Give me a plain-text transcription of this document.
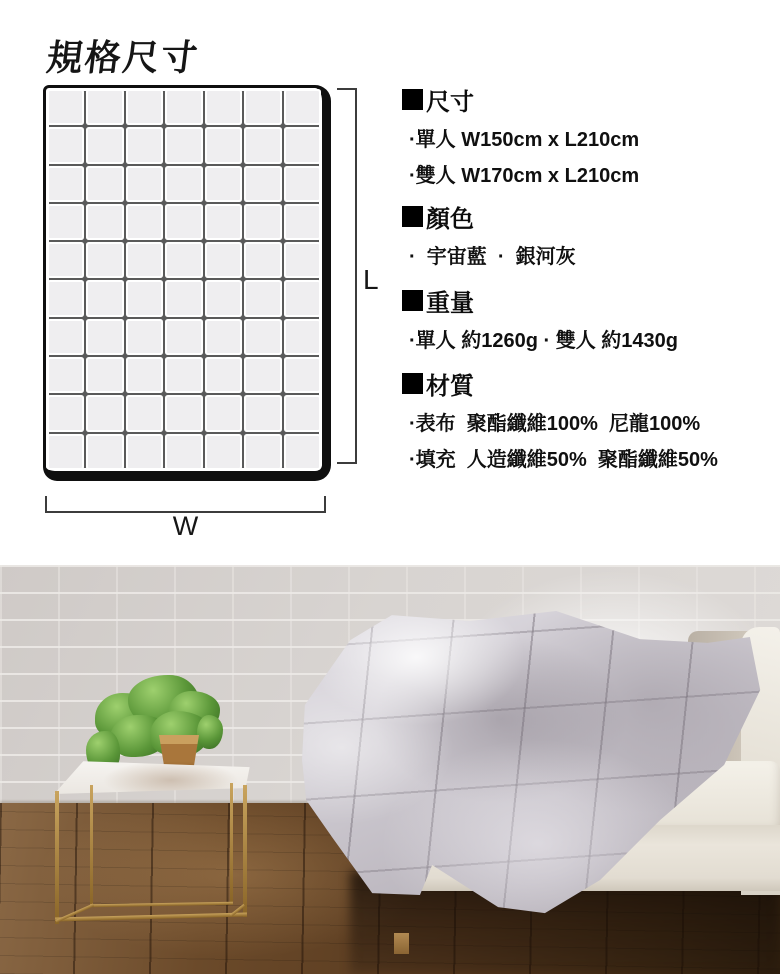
規格尺寸
L
W
尺寸
·單人 W150cm x L210cm
·雙人 W170cm x L210cm
顏色
·  宇宙藍  ·  銀河灰
重量
·單人 約1260g · 雙人 約1430g
材質
·表布  聚酯纖維100%  尼龍100%
·填充  人造纖維50%  聚酯纖維50%
